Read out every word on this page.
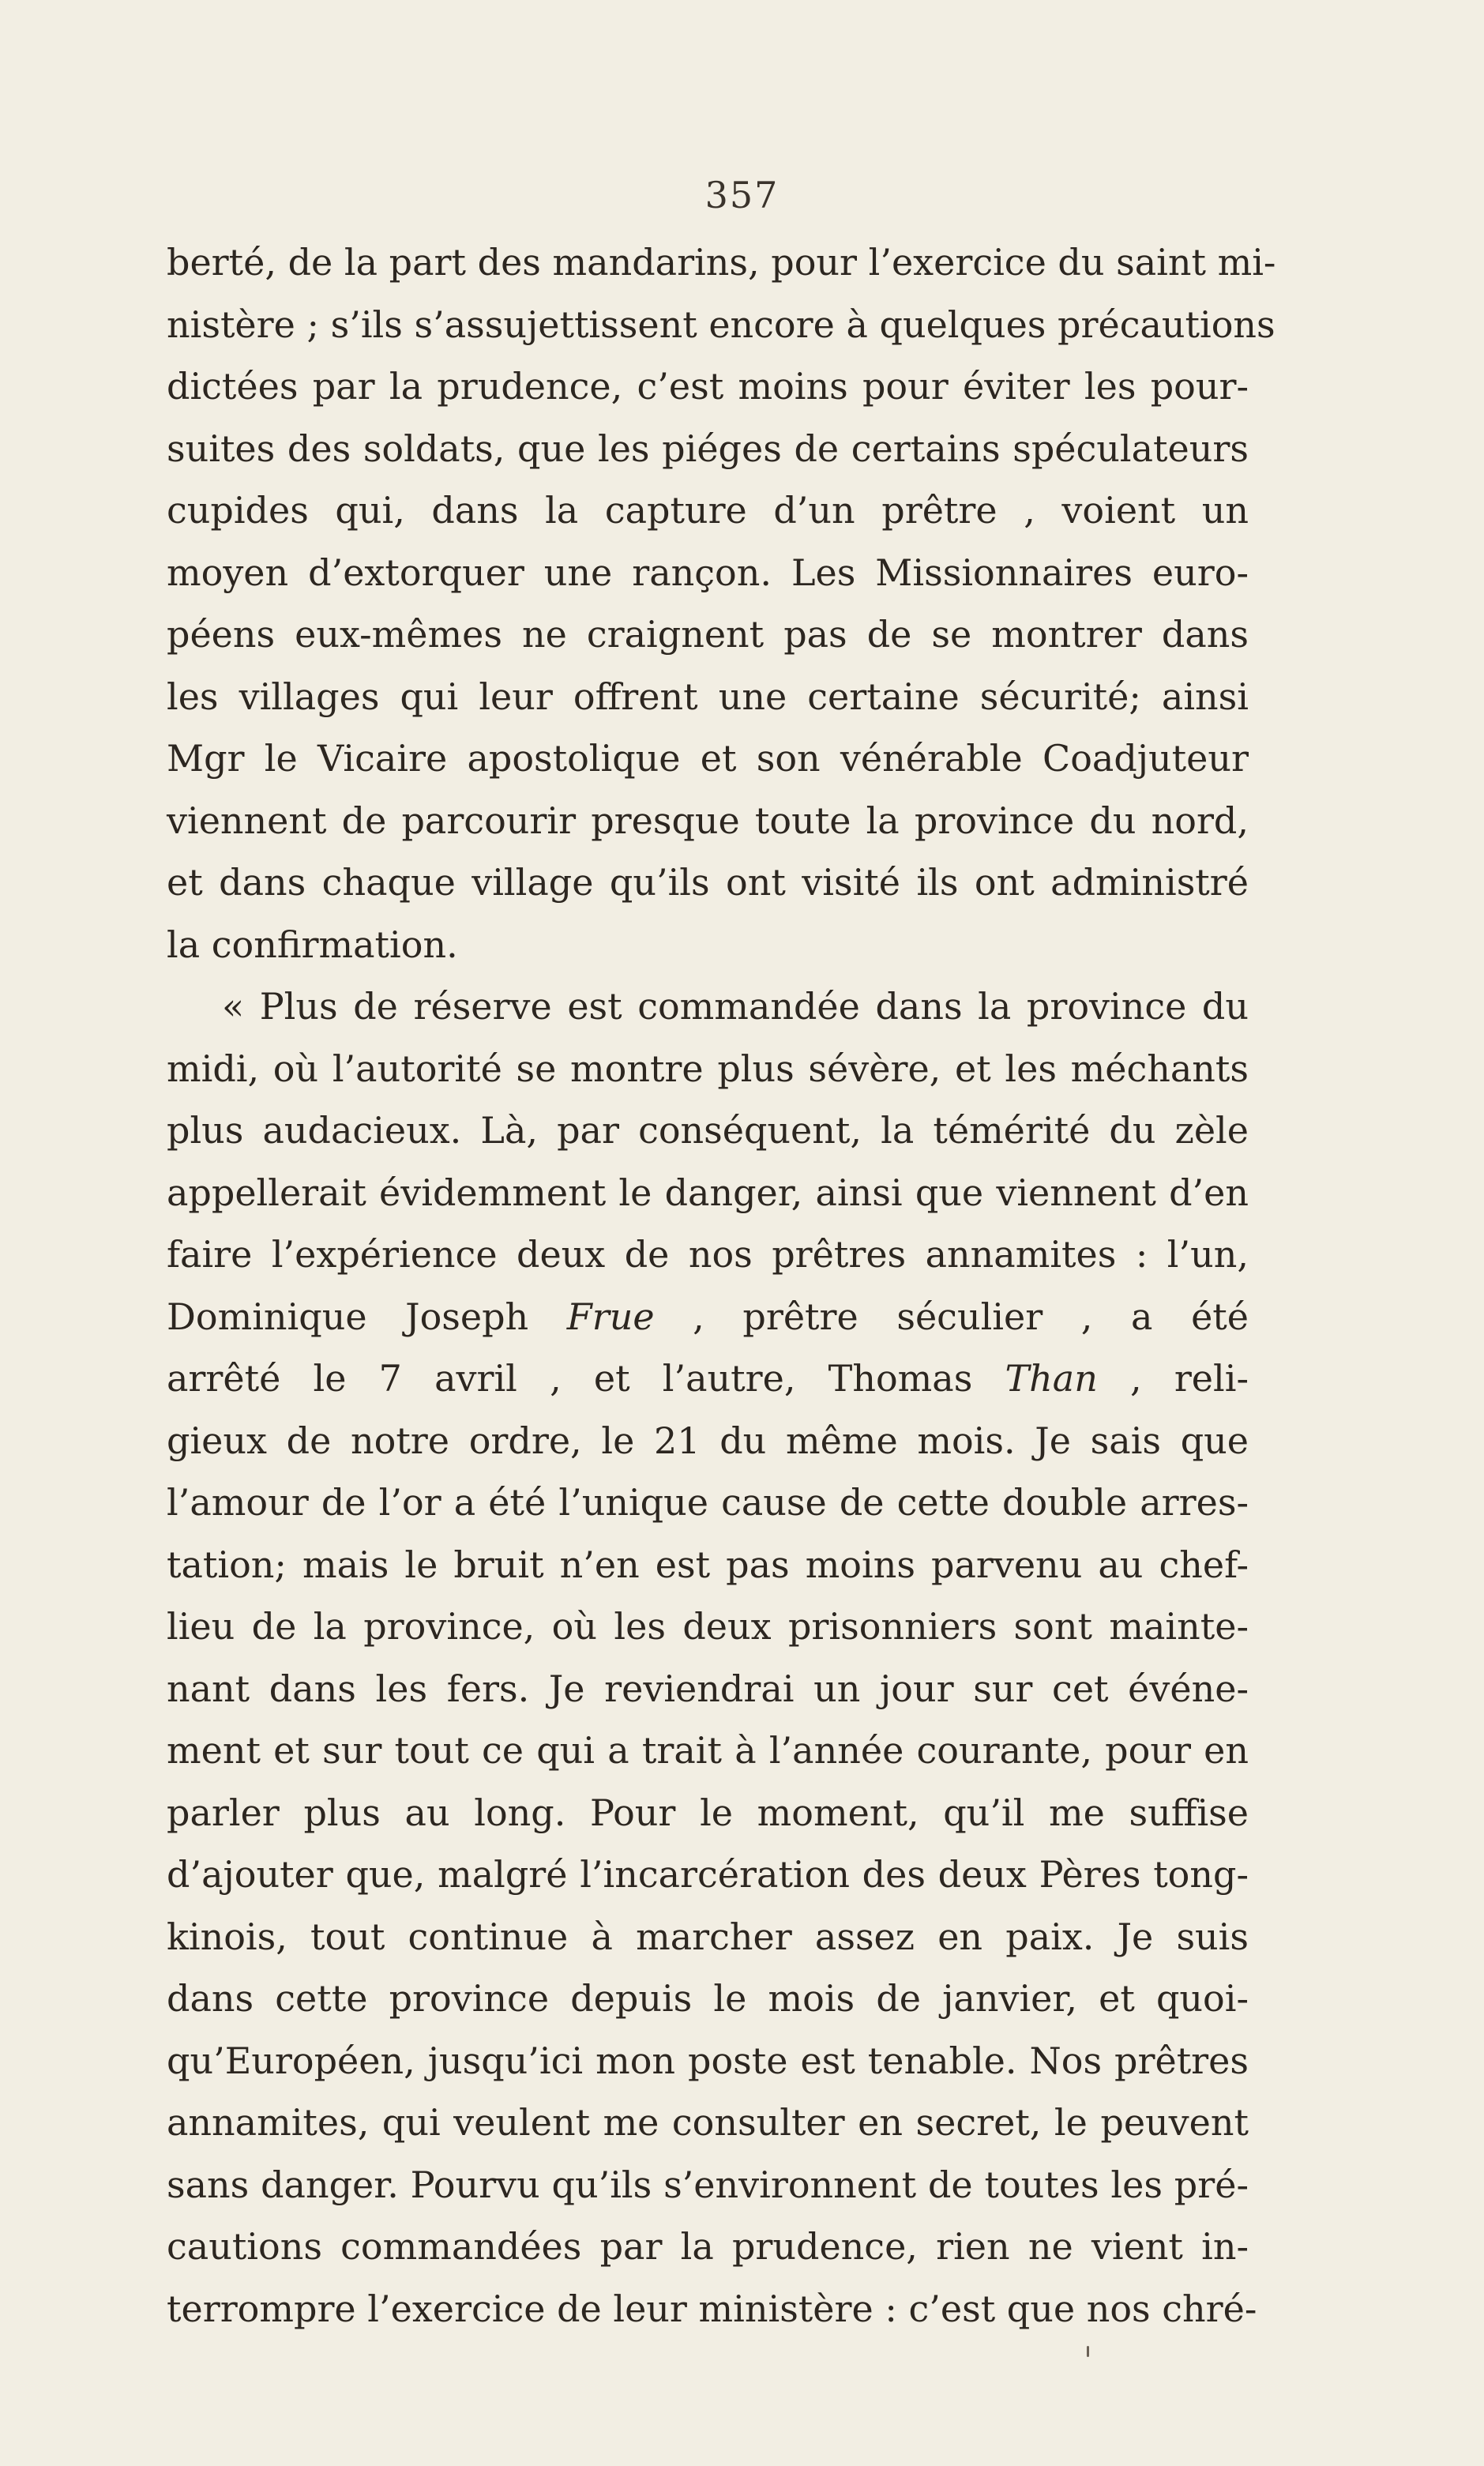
357
berté, de la part des mandarins, pour l’exercice du saint mi-
nistère ; s’ils s’assujettissent encore à quelques précautions
dictées par la prudence, c’est moins pour éviter les pour-
suites des soldats, que les piéges de certains spéculateurs
cupides qui, dans la capture d’un prêtre , voient un
moyen d’extorquer une rançon. Les Missionnaires euro-
péens eux-mêmes ne craignent pas de se montrer dans
les villages qui leur offrent une certaine sécurité; ainsi
Mgr le Vicaire apostolique et son vénérable Coadjuteur
viennent de parcourir presque toute la province du nord,
et dans chaque village qu’ils ont visité ils ont administré
la confirmation.
« Plus de réserve est commandée dans la province du
midi, où l’autorité se montre plus sévère, et les méchants
plus audacieux. Là, par conséquent, la témérité du zèle
appellerait évidemment le danger, ainsi que viennent d’en
faire l’expérience deux de nos prêtres annamites : l’un,
Dominique Joseph Frue , prêtre séculier , a été
arrêté le 7 avril , et l’autre, Thomas Than , reli-
gieux de notre ordre, le 21 du même mois. Je sais que
l’amour de l’or a été l’unique cause de cette double arres-
tation; mais le bruit n’en est pas moins parvenu au chef-
lieu de la province, où les deux prisonniers sont mainte-
nant dans les fers. Je reviendrai un jour sur cet événe-
ment et sur tout ce qui a trait à l’année courante, pour en
parler plus au long. Pour le moment, qu’il me suffise
d’ajouter que, malgré l’incarcération des deux Pères tong-
kinois, tout continue à marcher assez en paix. Je suis
dans cette province depuis le mois de janvier, et quoi-
qu’Européen, jusqu’ici mon poste est tenable. Nos prêtres
annamites, qui veulent me consulter en secret, le peuvent
sans danger. Pourvu qu’ils s’environnent de toutes les pré-
cautions commandées par la prudence, rien ne vient in-
terrompre l’exercice de leur ministère : c’est que nos chré-
